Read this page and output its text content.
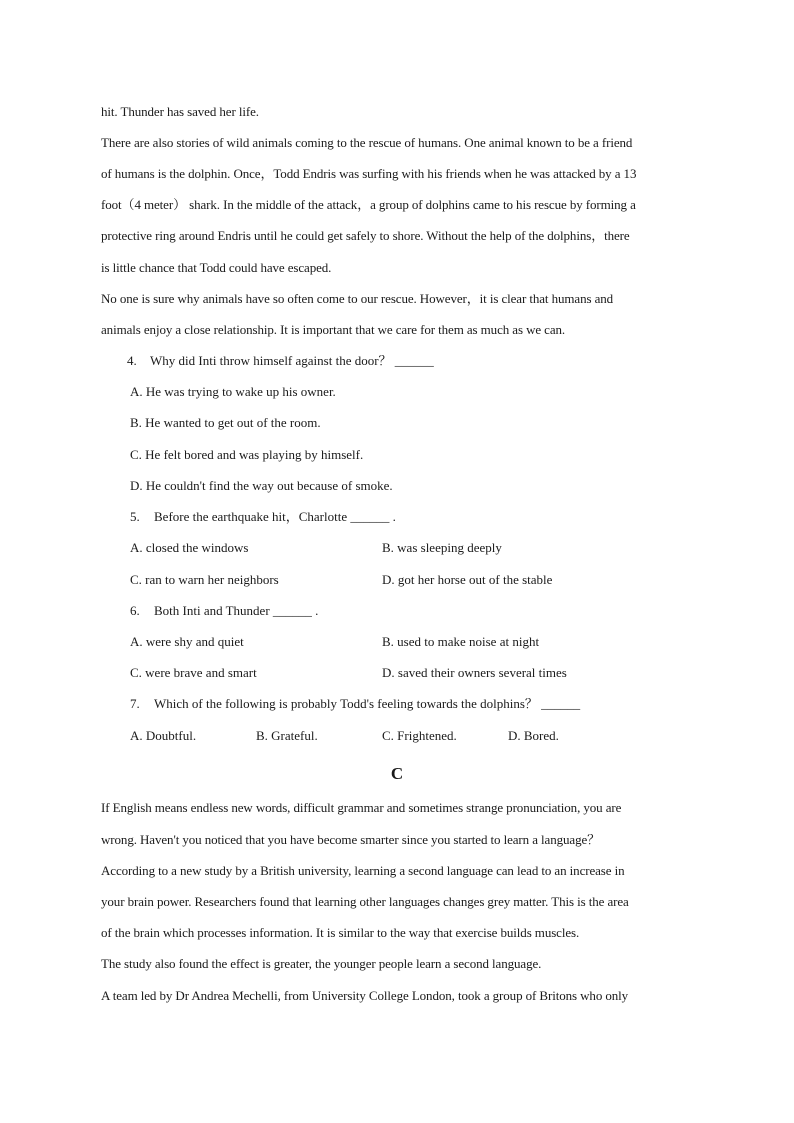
hit. Thunder has saved her life.
There are also stories of wild animals coming to the rescue of humans. One animal known to be a friend
of humans is the dolphin. Once，Todd Endris was surfing with his friends when he was attacked by a 13
foot（4 meter） shark. In the middle of the attack，a group of dolphins came to his rescue by forming a
protective ring around Endris until he could get safely to shore. Without the help of the dolphins，there
is little chance that Todd could have escaped.
No one is sure why animals have so often come to our rescue. However，it is clear that humans and
animals enjoy a close relationship. It is important that we care for them as much as we can.
4. Why did Inti throw himself against the door？ ______
A. He was trying to wake up his owner.
B. He wanted to get out of the room.
C. He felt bored and was playing by himself.
D. He couldn't find the way out because of smoke.
5. Before the earthquake hit，Charlotte ______ .
A. closed the windows	B. was sleeping deeply
C. ran to warn her neighbors	D. got her horse out of the stable
6. Both Inti and Thunder ______ .
A. were shy and quiet	B. used to make noise at night
C. were brave and smart	D. saved their owners several times
7. Which of the following is probably Todd's feeling towards the dolphins？ ______
A. Doubtful.	B. Grateful.	C. Frightened.	D. Bored.
C
If English means endless new words, difficult grammar and sometimes strange pronunciation, you are
wrong. Haven't you noticed that you have become smarter since you started to learn a language？
According to a new study by a British university, learning a second language can lead to an increase in
your brain power. Researchers found that learning other languages changes grey matter. This is the area
of the brain which processes information. It is similar to the way that exercise builds muscles.
The study also found the effect is greater, the younger people learn a second language.
A team led by Dr Andrea Mechelli, from University College London, took a group of Britons who only
